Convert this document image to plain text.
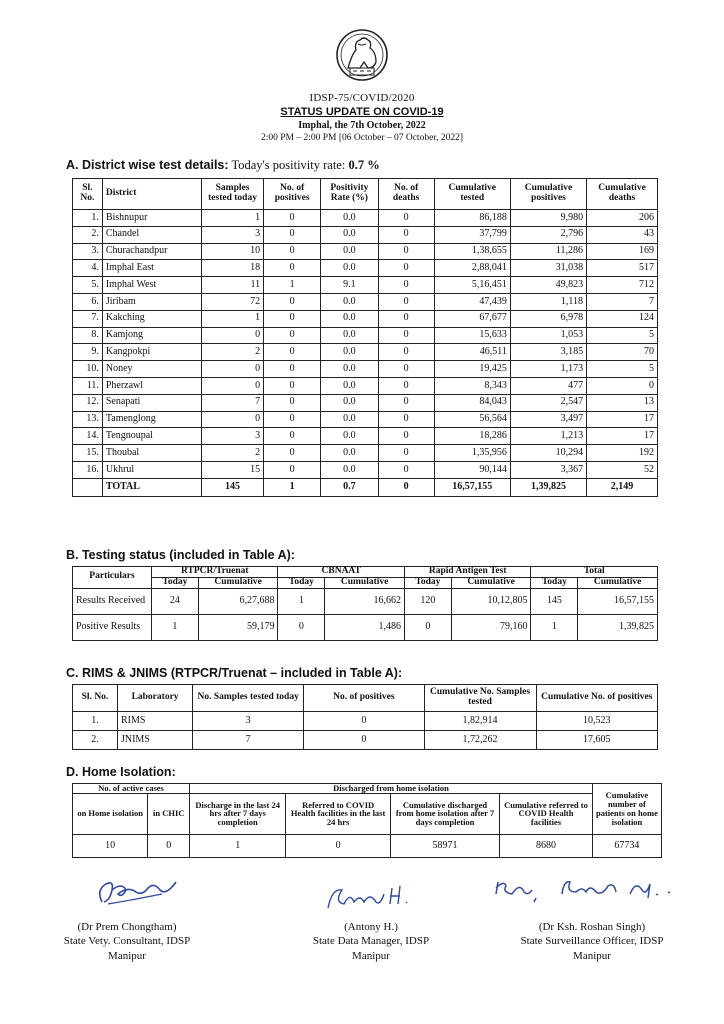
IDSP-75/COVID/2020
STATUS UPDATE ON COVID-19
Imphal, the 7th October, 2022
2:00 PM – 2:00 PM [06 October – 07 October, 2022]
A. District wise test details: Today's positivity rate: 0.7 %
Sl. No.	District	Samples tested today	No. of positives	Positivity Rate (%)	No. of deaths	Cumulative tested	Cumulative positives	Cumulative deaths
1.	Bishnupur	1	0	0.0	0	86,188	9,980	206
2.	Chandel	3	0	0.0	0	37,799	2,796	43
3.	Churachandpur	10	0	0.0	0	1,38,655	11,286	169
4.	Imphal East	18	0	0.0	0	2,88,041	31,038	517
5.	Imphal West	11	1	9.1	0	5,16,451	49,823	712
6.	Jiribam	72	0	0.0	0	47,439	1,118	7
7.	Kakching	1	0	0.0	0	67,677	6,978	124
8.	Kamjong	0	0	0.0	0	15,633	1,053	5
9.	Kangpokpi	2	0	0.0	0	46,511	3,185	70
10.	Noney	0	0	0.0	0	19,425	1,173	5
11.	Pherzawl	0	0	0.0	0	8,343	477	0
12.	Senapati	7	0	0.0	0	84,043	2,547	13
13.	Tamenglong	0	0	0.0	0	56,564	3,497	17
14.	Tengnoupal	3	0	0.0	0	18,286	1,213	17
15.	Thoubal	2	0	0.0	0	1,35,956	10,294	192
16.	Ukhrul	15	0	0.0	0	90,144	3,367	52
	TOTAL	145	1	0.7	0	16,57,155	1,39,825	2,149
B. Testing status (included in Table A):
Particulars	RTPCR/Truenat		CBNAAT		Rapid Antigen Test		Total	
	Today	Cumulative	Today	Cumulative	Today	Cumulative	Today	Cumulative
Results Received	24	6,27,688	1	16,662	120	10,12,805	145	16,57,155
Positive Results	1	59,179	0	1,486	0	79,160	1	1,39,825
C. RIMS & JNIMS (RTPCR/Truenat – included in Table A):
Sl. No.	Laboratory	No. Samples tested today	No. of positives	Cumulative No. Samples tested	Cumulative No. of positives
1.	RIMS	3	0	1,82,914	10,523
2.	JNIMS	7	0	1,72,262	17,605
D. Home Isolation:
No. of active cases		Discharged from home isolation				Cumulative number of patients on home isolation
on Home isolation	in CHIC	Discharge in the last 24 hrs after 7 days completion	Referred to COVID Health facilities in the last 24 hrs	Cumulative discharged from home isolation after 7 days completion	Cumulative referred to COVID Health facilities	
10	0	1	0	58971	8680	67734
(Dr Prem Chongtham)
State Vety. Consultant, IDSP
Manipur
(Antony H.)
State Data Manager, IDSP
Manipur
(Dr Ksh. Roshan Singh)
State Surveillance Officer, IDSP
Manipur
